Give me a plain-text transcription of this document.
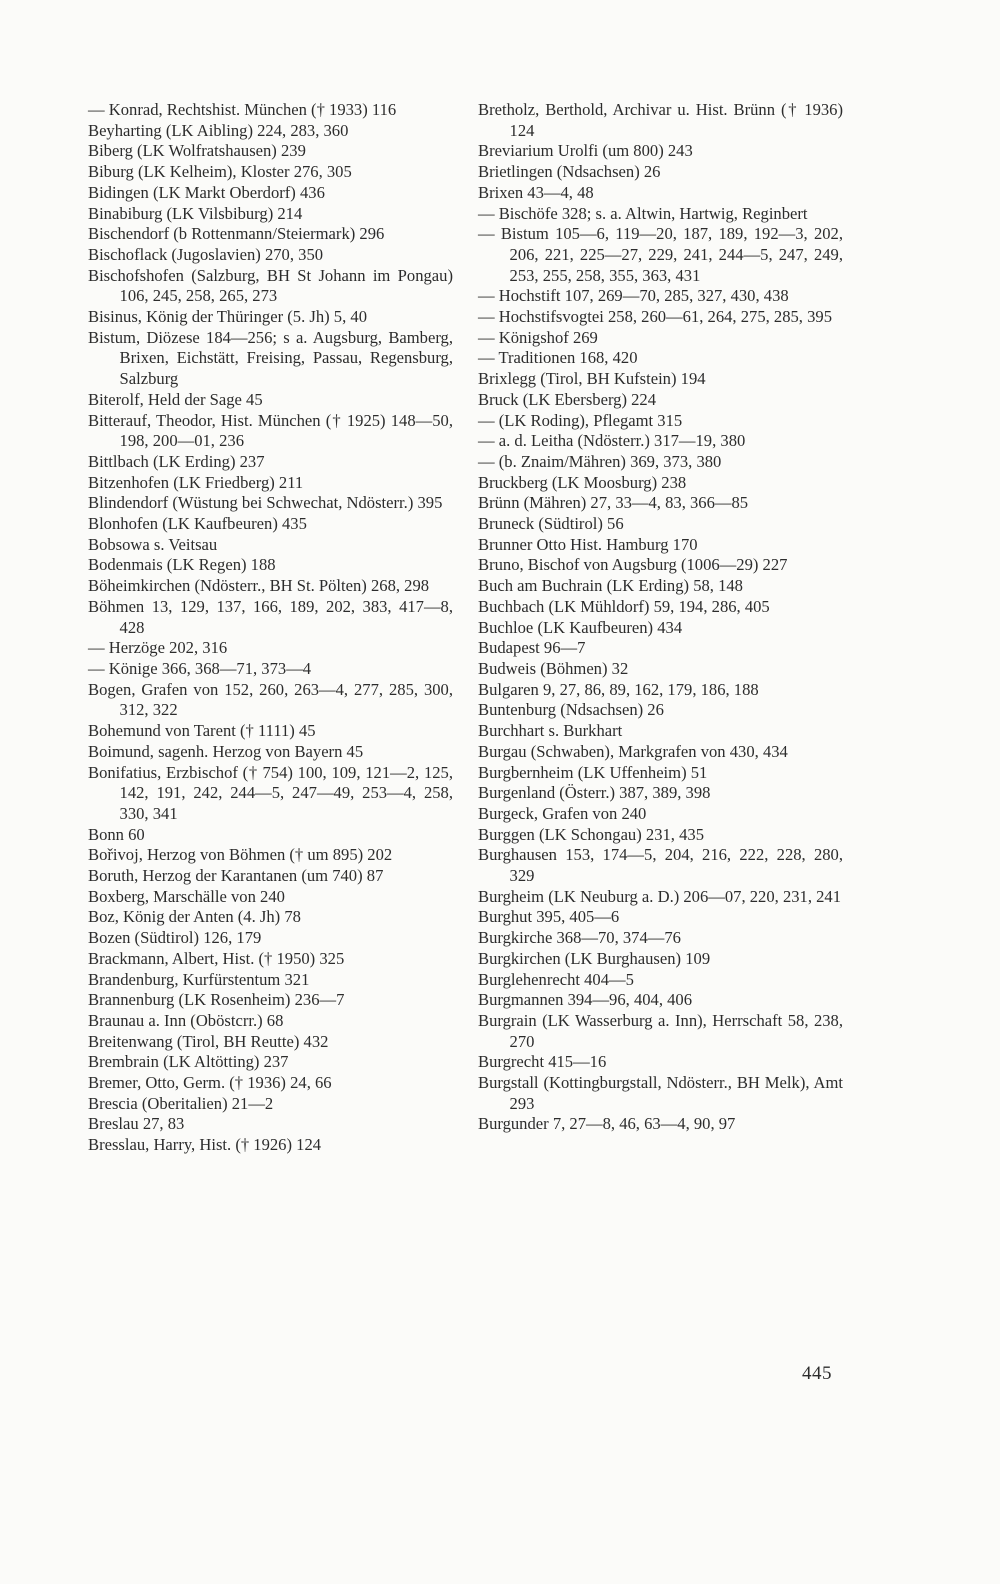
— Konrad, Rechtshist. München († 1933) 116
Beyharting (LK Aibling) 224, 283, 360
Biberg (LK Wolfratshausen) 239
Biburg (LK Kelheim), Kloster 276, 305
Bidingen (LK Markt Oberdorf) 436
Binabiburg (LK Vilsbiburg) 214
Bischendorf (b Rottenmann/Steiermark) 296
Bischoflack (Jugoslavien) 270, 350
Bischofshofen (Salzburg, BH St Johann im Pongau) 106, 245, 258, 265, 273
Bisinus, König der Thüringer (5. Jh) 5, 40
Bistum, Diözese 184—256; s a. Augsburg, Bamberg, Brixen, Eichstätt, Freising, Passau, Regensburg, Salzburg
Biterolf, Held der Sage 45
Bitterauf, Theodor, Hist. München († 1925) 148—50, 198, 200—01, 236
Bittlbach (LK Erding) 237
Bitzenhofen (LK Friedberg) 211
Blindendorf (Wüstung bei Schwechat, Ndösterr.) 395
Blonhofen (LK Kaufbeuren) 435
Bobsowa s. Veitsau
Bodenmais (LK Regen) 188
Böheimkirchen (Ndösterr., BH St. Pölten) 268, 298
Böhmen 13, 129, 137, 166, 189, 202, 383, 417—8, 428
— Herzöge 202, 316
— Könige 366, 368—71, 373—4
Bogen, Grafen von 152, 260, 263—4, 277, 285, 300, 312, 322
Bohemund von Tarent († 1111) 45
Boimund, sagenh. Herzog von Bayern 45
Bonifatius, Erzbischof († 754) 100, 109, 121—2, 125, 142, 191, 242, 244—5, 247—49, 253—4, 258, 330, 341
Bonn 60
Bořivoj, Herzog von Böhmen († um 895) 202
Boruth, Herzog der Karantanen (um 740) 87
Boxberg, Marschälle von 240
Boz, König der Anten (4. Jh) 78
Bozen (Südtirol) 126, 179
Brackmann, Albert, Hist. († 1950) 325
Brandenburg, Kurfürstentum 321
Brannenburg (LK Rosenheim) 236—7
Braunau a. Inn (Oböstcrr.) 68
Breitenwang (Tirol, BH Reutte) 432
Brembrain (LK Altötting) 237
Bremer, Otto, Germ. († 1936) 24, 66
Brescia (Oberitalien) 21—2
Breslau 27, 83
Bresslau, Harry, Hist. († 1926) 124
Bretholz, Berthold, Archivar u. Hist. Brünn († 1936) 124
Breviarium Urolfi (um 800) 243
Brietlingen (Ndsachsen) 26
Brixen 43—4, 48
— Bischöfe 328; s. a. Altwin, Hartwig, Reginbert
— Bistum 105—6, 119—20, 187, 189, 192—3, 202, 206, 221, 225—27, 229, 241, 244—5, 247, 249, 253, 255, 258, 355, 363, 431
— Hochstift 107, 269—70, 285, 327, 430, 438
— Hochstifsvogtei 258, 260—61, 264, 275, 285, 395
— Königshof 269
— Traditionen 168, 420
Brixlegg (Tirol, BH Kufstein) 194
Bruck (LK Ebersberg) 224
— (LK Roding), Pflegamt 315
— a. d. Leitha (Ndösterr.) 317—19, 380
— (b. Znaim/Mähren) 369, 373, 380
Bruckberg (LK Moosburg) 238
Brünn (Mähren) 27, 33—4, 83, 366—85
Bruneck (Südtirol) 56
Brunner Otto Hist. Hamburg 170
Bruno, Bischof von Augsburg (1006—29) 227
Buch am Buchrain (LK Erding) 58, 148
Buchbach (LK Mühldorf) 59, 194, 286, 405
Buchloe (LK Kaufbeuren) 434
Budapest 96—7
Budweis (Böhmen) 32
Bulgaren 9, 27, 86, 89, 162, 179, 186, 188
Buntenburg (Ndsachsen) 26
Burchhart s. Burkhart
Burgau (Schwaben), Markgrafen von 430, 434
Burgbernheim (LK Uffenheim) 51
Burgenland (Österr.) 387, 389, 398
Burgeck, Grafen von 240
Burggen (LK Schongau) 231, 435
Burghausen 153, 174—5, 204, 216, 222, 228, 280, 329
Burgheim (LK Neuburg a. D.) 206—07, 220, 231, 241
Burghut 395, 405—6
Burgkirche 368—70, 374—76
Burgkirchen (LK Burghausen) 109
Burglehenrecht 404—5
Burgmannen 394—96, 404, 406
Burgrain (LK Wasserburg a. Inn), Herrschaft 58, 238, 270
Burgrecht 415—16
Burgstall (Kottingburgstall, Ndösterr., BH Melk), Amt 293
Burgunder 7, 27—8, 46, 63—4, 90, 97
445
